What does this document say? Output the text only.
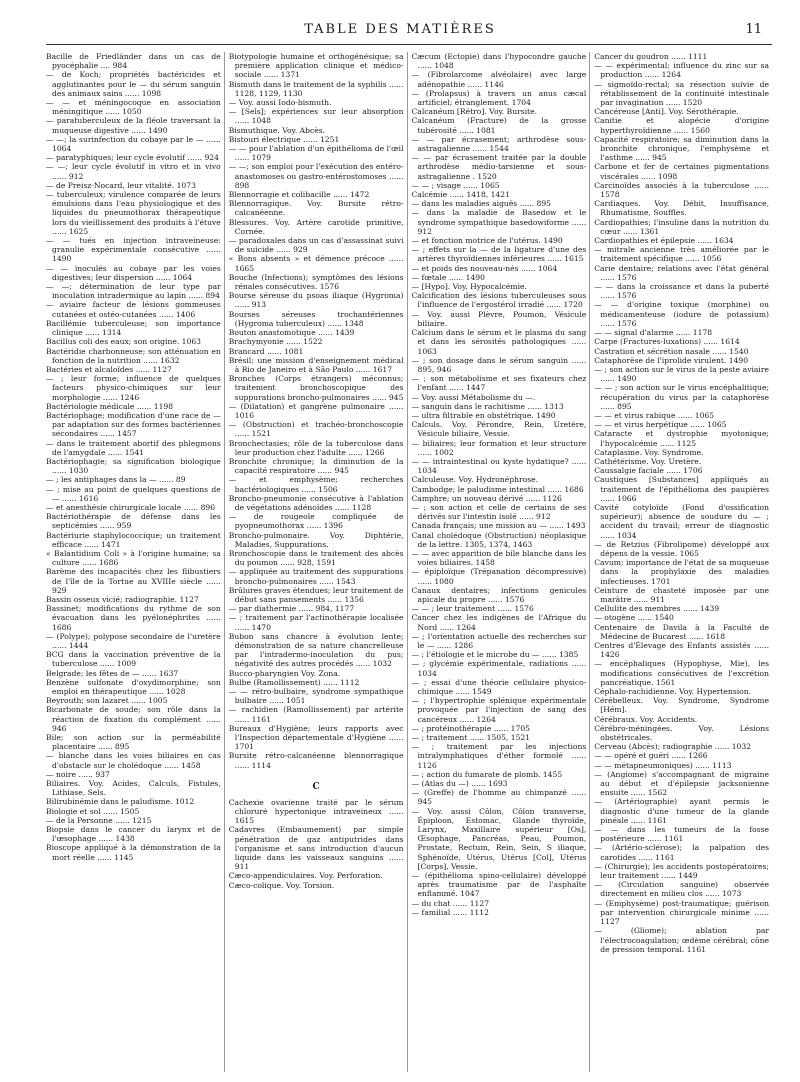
TABLE DES MATIÈRES	11

Bacille de Friedländer dans un cas de pyocéphalie .... 984

— de Koch; propriétés bactéricides et agglutinantes pour le — du sérum sanguin des animaux sains ...... 1098

— — et méningocoque en association méningitique ...... 1050

— paratuberculeux de la fléole traversant la muqueuse digestive ...... 1490

— —; la surinfection du cobaye par le — ...... 1064

— paratyphiques; leur cycle évolutif ...... 924

— —; leur cycle évolutif in vitro et in vivo ...... 912

— de Preisz-Nocard, leur vitalité. 1073

— tuberculeux; virulence comparée de leurs émulsions dans l'eau physiologique et des liquides du pneumothorax thérapeutique lors du vieillissement des produits à l'étuve ...... 1625

— — tués en injection intraveineuse: granulie expérimentale consécutive ...... 1490

— — inoculés au cobaye par les voies digestives; leur dispersion ...... 1064

— —; détermination de leur type par inoculation intradermique au lapin ...... 894

— aviaire facteur de lésions gommeuses cutanées et ostéo-cutanées ...... 1406

Bacillémie tuberculeuse; son importance clinique ...... 1314

Bacillus coli des eaux; son origine. 1063

Bactéridie charbonneuse; son atténuation en fonction de la nutrition ...... 1632

Bactéries et alcaloïdes ...... 1127

— ; leur forme; influence de quelques facteurs physico-chimiques sur leur morphologie ...... 1246

Bactériologie médicale ...... 1198

Bactériophage; modification d'une race de — par adaptation sur des formes bactériennes secondaires ...... 1457

— dans le traitement abortif des phlegmons de l'amygdale ...... 1541

Bactériophagie; sa signification biologique ...... 1030

— ; les antiphages dans la — ...... 89

— ; mise au point de quelques questions de — ...... 1616

— et anesthésie chirurgicale locale ...... 896

Bactériothérapie de défense dans les septicémies ...... 959

Bactériurie staphylococcique; un traitement efficace ...... 1471

« Balantidium Coli » à l'origine humaine; sa culture ...... 1686

Barème des incapacités chez les flibustiers de l'île de la Tortue au XVIIIe siècle ...... 929

Bassin osseux vicié; radiographie. 1127

Bassinet; modifications du rythme de son évacuation dans les pyélonéphrites ...... 1686

— (Polype); polypose secondaire de l'uretère ...... 1444

BCG dans la vaccination préventive de la tuberculose ...... 1009

Belgrade; les fêtes de — ...... 1637

Benzène sulfonate d'oxydimorphine; son emploi en thérapeutique ...... 1028

Beyrouth; son lazaret ...... 1005

Bicarbonate de soude; son rôle dans la réaction de fixation du complément ...... 946

Bile; son action sur la perméabilité placentaire ...... 895

— blanche dans les voies biliaires en cas d'obstacle sur le cholédoque ...... 1458

— noire ...... 937

Biliaires. Voy. Acides, Calculs, Fistules, Lithiase, Sels.

Bilirubinémie dans le paludisme. 1012

Biologie et sol ...... 1505

— de la Personne ...... 1215

Biopsie dans le cancer du larynx et de l'œsophage ...... 1438

Bioscope appliqué à la démonstration de la mort réelle ...... 1145

Biotypologie humaine et orthogénésique; sa première application clinique et médico-sociale ...... 1371

Bismuth dans le traitement de la syphilis ...... 1128, 1129, 1130

— Voy. aussi Iodo-bismuth.

— [Sels]; expériences sur leur absorption ...... 1048

Bismuthique. Voy. Abcès.

Bistouri électrique ...... 1251

— — pour l'ablation d'un épithélioma de l'œil ...... 1079

— —; son emploi pour l'exécution des entéro-anastomoses ou gastro-entérostomoses ...... 898

Blennorragie et colibacille ...... 1472

Blennorragique. Voy. Bursite rétro-calcanéenne.

Blessures. Voy. Artère carotide primitive, Cornée.

— paradoxales dans un cas d'assassinat suivi de suicide ...... 929

« Bons absents » et démence précoce ...... 1665

Bouche (Infections); symptômes des lésions rénales consécutives. 1576

Bourse séreuse du psoas iliaque (Hygroma) ...... 913

Bourses séreuses trochantériennes (Hygroma tuberculeux) ...... 1348

Bouton anastomotique ...... 1439

Brachymyonie ...... 1522

Brancard ...... 1081

Brésil; une mission d'enseignement médical à Rio de Janeiro et à São Paulo ...... 1617

Bronches (Corps étrangers) méconnus; traitement bronchoscopique des suppurations broncho-pulmonaires ...... 945

— (Dilatation) et gangrène pulmonaire ...... 1016

— (Obstruction) et trachéo-bronchoscopie ...... 1521

Bronchectasies; rôle de la tuberculose dans leur production chez l'adulte ...... 1266

Bronchite chronique; la diminution de la capacité respiratoire ...... 945

— et emphysème; recherches bactériologiques ...... 1506

Broncho-pneumonie consécutive à l'ablation de végétations adénoïdes ...... 1128

— de rougeole compliquée de pyopneumothorax ...... 1396

Broncho-pulmonaire. Voy. Diphtérie, Maladies, Suppurations.

Bronchoscopie dans le traitement des abcès du poumon ...... 928, 1591

— appliquée au traitement des suppurations broncho-pulmonaires ...... 1543

Brûlures graves étendues; leur traitement de début sans pansements ...... 1356

— par diathermie ...... 984, 1177

— ; traitement par l'actinothérapie localisée ...... 1470

Bubon sans chancre à évolution lente; démonstration de sa nature chancrelleuse par l'intradermo-inoculation du pus; négativité des autres procédés ...... 1032

Bucco-pharyngien Voy. Zona.

Bulbe (Ramollissement) ...... 1112

— — rétro-bulbaire, syndrome sympathique bulbaire ...... 1051

— rachidien (Ramollissement) par artérite ...... 1161

Bureaux d'Hygiène; leurs rapports avec l'Inspection départementale d'Hygiène ...... 1701

Bursite rétro-calcanéenne blennorragique ...... 1114

C

Cachexie ovarienne traité par le sérum chloruré hypertonique intraveineux ...... 1615

Cadavres (Embaumement) par simple pénétration de gaz antiputrides dans l'organisme et sans introduction d'aucun liquide dans les vaisseaux sanguins ...... 911

Cæco-appendiculaires. Voy. Perforation.

Cæco-colique. Voy. Torsion.

Cæcum (Ectopie) dans l'hypocondre gauche ...... 1048

— (Fibrolarcome alvéolaire) avec large adénopathie ...... 1146

— (Prolapsus) à travers un anus cæcal artificiel; étranglement. 1704

Calcanéum [Rétro]. Voy. Bursite.

Calcanéum (Fracture) de la grosse tubérosité ...... 1081

— — par écrasement; arthrodèse sous-astragalienne ...... 1544

— — par écrasement traitée par la double arthrodèse médio-tarsienne et sous-astragalienne . 1520

— — ; visage ...... 1065

Calcémie ...... 1418, 1421

— dans les maladies aiguës ...... 895

— dans la maladie de Basedow et le syndrome sympathique basedowiforme ...... 912

— et fonction motrice de l'utérus. 1490

— ; effets sur la — de la ligature d'une des artères thyroïdiennes inférieures ...... 1615

— et poids des nouveau-nés ...... 1064

— fœtale ...... 1490

— [Hypo]. Voy. Hypocalcémie.

Calcification des lésions tuberculeuses sous l'influence de l'ergostérol irradié ...... 1720

— Voy. aussi Plèvre, Poumon, Vésicule biliaire.

Calcium dans le sérum et le plasma du sang et dans les sérosités pathologiques ...... 1063

— ; son dosage dans le sérum sanguin ...... 895, 946

— ; son métabolisme et ses fixateurs chez l'enfant ...... 1447

— Voy. aussi Métabolisme du —.

— sanguin dans le rachitisme ...... 1313

— ultra filtrable en obstétrique. 1490

Calculs. Voy. Pérondre, Rein, Uretère, Vésicule biliaire, Vessie.

— biliaires; leur formation et leur structure ...... 1002

— — intraintestinal ou kyste hydatique? ...... 1034

Calculeuse. Voy. Hydronéphrose.

Cambodge; le paludisme intestinal ...... 1686

Camphre; un nouveau dérivé ...... 1126

— ; son action et celle de certains de ses dérivés sur l'intestin isolé ...... 912

Canada français; une mission au — ...... 1493

Canal cholédoque (Obstruction) néoplasique de la lettre. 1305, 1374, 1463

— — avec apparition de bile blanche dans les voies biliaires. 1458

— épiploïque (Trépanation décompressive) ...... 1080

Canaux dentaires; infections genicules apicale du propre ...... 1576

— — ; leur traitement ...... 1576

Cancer chez les indigènes de l'Afrique du Nord ...... 1264

— ; l'orientation actuelle des recherches sur le — ...... 1286

— ; l'étiologie et le microbe du — ...... 1385

— ; glycémie expérimentale, radiations ...... 1034

— ; essai d'une théorie cellulaire physico-chimique ...... 1549

— ; l'hypertrophie splénique expérimentale provoquée par l'injection de sang des cancéreux ...... 1264

— ; protéinothérapie ...... 1705

— ; traitement ...... 1505, 1521

— ; traitement par les injections intralymphatiques d'éther formolé ...... 1126

— ; action du fumarate de plomb. 1455

— (Atlas du —) ...... 1693

— (Greffe) de l'homme au chimpanzé ...... 945

— Voy. aussi Côlon, Côlon transverse, Épiploon, Estomac, Glande thyroïde, Larynx, Maxillaire supérieur [Os], Œsophage, Pancréas, Peau, Poumon, Prostate, Rectum, Rein, Sein, S iliaque, Sphénoïde, Utérus, Utérus [Col], Utérus [Corps], Vessie.

— (épithélioma spino-cellulaire) développé après traumatisme par de l'asphalte enflammé. 1047

— du chat ...... 1127

— familial ...... 1112

Cancer du goudron ...... 1111

— — expérimental; influence du zinc sur sa production ...... 1264

— sigmoïdo-rectal; sa résection suivie de rétablissement de la continuité intestinale par invagination ...... 1520

Cancéreuse [Anti]. Voy. Sérothérapie.

Canitie et alopécie d'origine hyperthyroïdienne ...... 1560

Capacité respiratoire; sa diminution dans la bronchite chronique, l'emphysème et l'asthme ...... 945

Carbone et fer de certaines pigmentations viscérales ...... 1098

Carcinoïdes associés à la tuberculose ...... 1578

Cardiaques. Voy. Débit, Insuffisance, Rhumatisme, Souffles.

Cardiopathies; l'insuline dans la nutrition du cœur ...... 1361

Cardiopathies et épilepsie ...... 1634

— mitrale ancienne très améliorée par le traitement spécifique ...... 1056

Carie dentaire; relations avec l'état général ...... 1576

— — dans la croissance et dans la puberté ...... 1576

— — d'origine toxique (morphine) ou médicamenteuse (iodure de potassium) ...... 1576

— — signal d'alarme ...... 1178

Carpe (Fractures-luxations) ...... 1614

Castration et sécrétion nasale ...... 1540

Cataphorèse de l'iprolide virulent. 1490

— ; son action sur le virus de la peste aviaire ...... 1490

— — ; son action sur le virus encéphalitique; récupération du virus par la cataphorèse ...... 895

— — et virus rabique ...... 1065

— — et virus herpétique ...... 1065

Cataracte et dystrophie myotonique; l'hypocalcémie ...... 1125

Cataplasme. Voy. Syndrome.

Cathétérisme. Voy. Uretère.

Caussalgie faciale ...... 1706

Caustiques [Substances] appliqués au traitement de l'épithélioma des paupières ...... 1066

Cavité cotyloïde (Fond d'ossification supérieur); absence de soudure du — ; accident du travail; erreur de diagnostic ...... 1034

— de Retzius (Fibrolipome) développé aux dépens de la vessie. 1065

Cavum; importance de l'état de sa muqueuse dans la prophylaxie des maladies infectieuses. 1701

Ceinture de chasteté imposée par une marâtre ...... 911

Cellulite des membres ...... 1439

— otogène ...... 1540

Centenaire de Davila à la Faculté de Médecine de Bucarest ...... 1618

Centres d'Élevage des Enfants assistés ...... 1426

— encéphaliques (Hypophyse, Mie), les modifications consécutives de l'excrétion pancréatique. 1561

Céphalo-rachidienne. Voy. Hypertension.

Cérébelleux. Voy. Syndrome, Syndrome [Hém].

Cérébraux. Voy. Accidents.

Cérébro-méningées. Voy. Lésions obstétricales.

Cerveau (Abcès); radiographie ...... 1032

— — opéré et guéri ...... 1266

— — métapneumoniques) ...... 1113

— (Angiome) s'accompagnant de migraine au début et d'épilepsie jacksonienne ensuite ...... 1562

— (Artériographie) ayant permis le diagnostic d'une tumeur de la glande pinéale ...... 1161

— — dans les tumeurs de la fosse postérieure ...... 1161

— (Artério-sclérose); la palpation des carotides ...... 1161

— (Chirurgie); les accidents postopératoires; leur traitement ...... 1449

— (Circulation sanguine) observée directement en milieu clos ...... 1073

— (Emphysème) post-traumatique; guérison par intervention chirurgicale minime ...... 1127

— (Gliome); ablation par l'électrocoagulation; œdème cérébral; cône de pression temporal. 1161
